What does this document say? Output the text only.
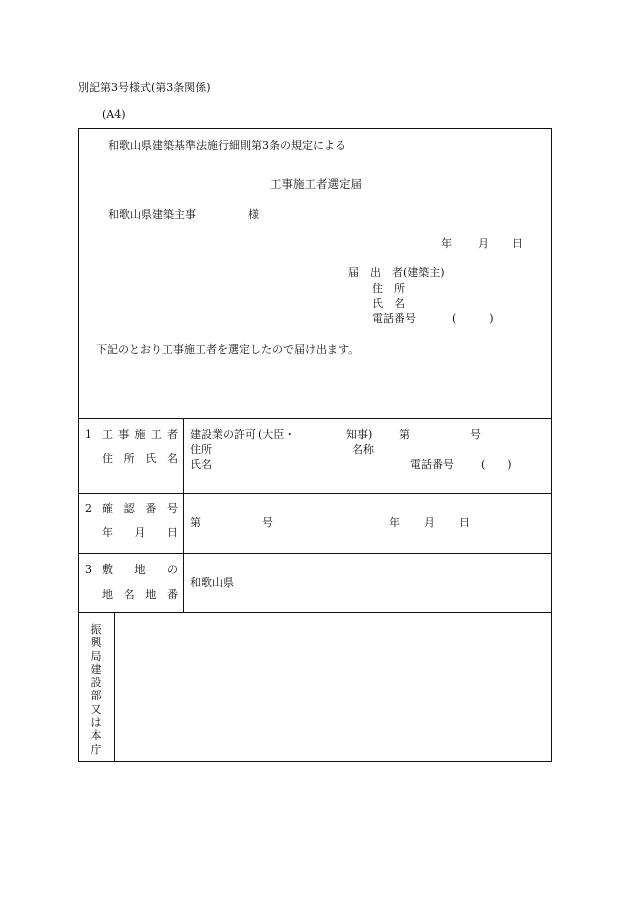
別記第3号様式(第3条関係)
(A4)
和歌山県建築基準法施行細則第3条の規定による
工事施工者選定届
和歌山県建築主事	様
年 月 日
届　出　者(建築主)
住　所
氏　名
電話番号	(　　　)
下記のとおり工事施工者を選定したので届け出ます。
1 工 事 施 工 者
住 所 氏 名
建設業の許可 (大臣・	知事) 第	号
住所	名称
氏名	電話番号 (　　)
2 確 認 番 号
年 月 日
第	号	年 月 日
3 敷 地 の
地 名 地 番
和歌山県
振
興
局
建
設
部
又
は
本
庁
